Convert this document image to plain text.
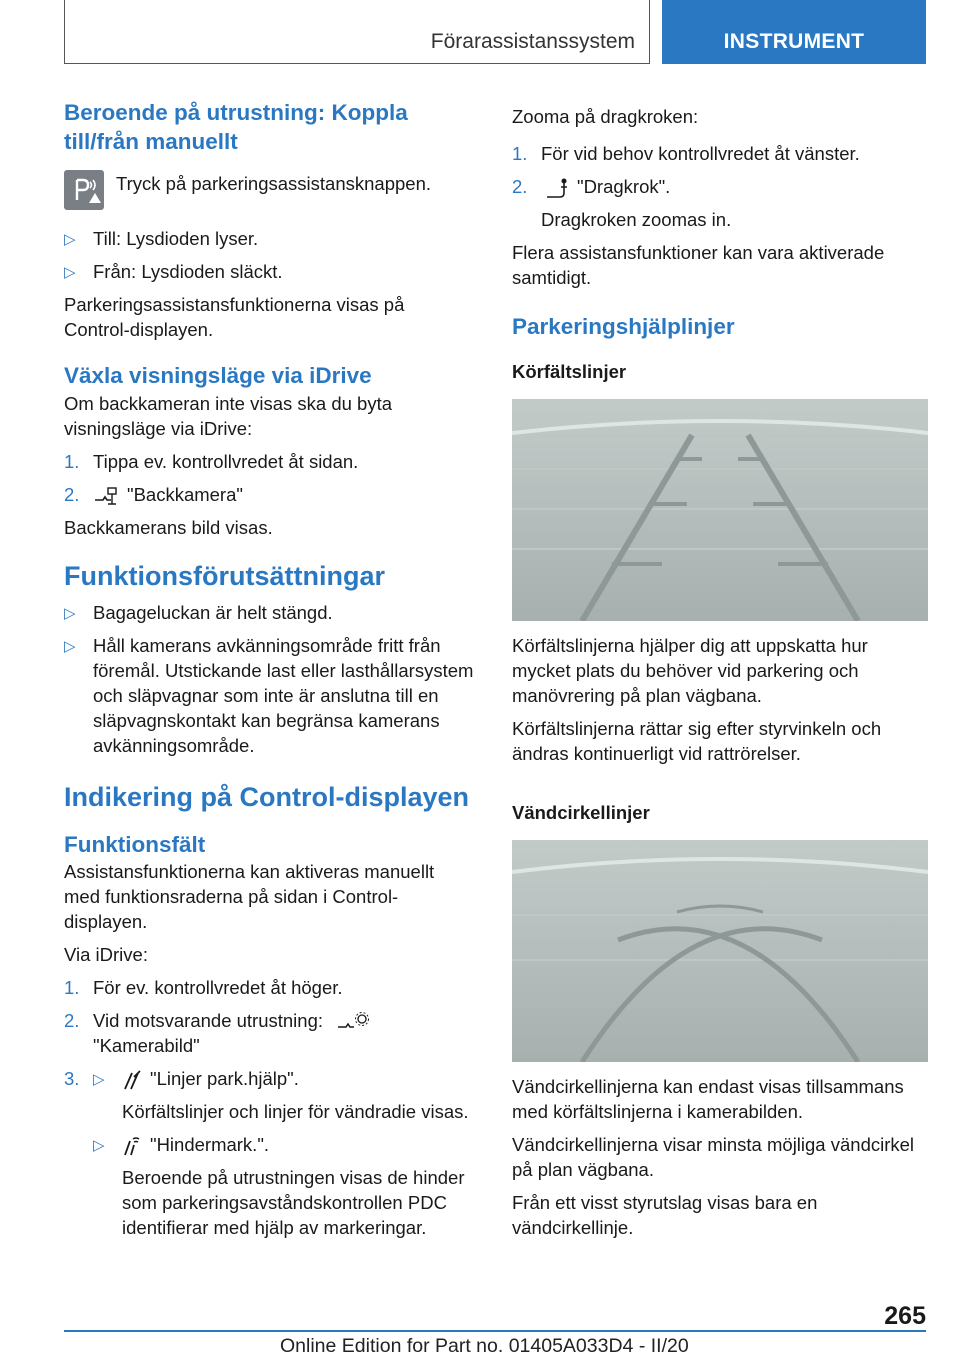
Förarassistanssystem	INSTRUMENT
Beroende på utrustning: Koppla till/från manuellt
Tryck på parkeringsassistansknappen.
▷ Till: Lysdioden lyser.
▷ Från: Lysdioden släckt.
Parkeringsassistansfunktionerna visas på Control-displayen.
Växla visningsläge via iDrive
Om backkameran inte visas ska du byta visningsläge via iDrive:
1. Tippa ev. kontrollvredet åt sidan.
2.	"Backkamera"
Backkamerans bild visas.
Funktionsförutsättningar
▷ Bagageluckan är helt stängd.
▷ Håll kamerans avkänningsområde fritt från föremål. Utstickande last eller lasthållarsystem och släpvagnar som inte är anslutna till en släpvagnskontakt kan begränsa kamerans avkänningsområde.
Indikering på Control-displayen
Funktionsfält
Assistansfunktionerna kan aktiveras manuellt med funktionsraderna på sidan i Control-displayen.
Via iDrive:
1. För ev. kontrollvredet åt höger.
2. Vid motsvarande utrustning:
"Kamerabild"
3. ▷ "Linjer park.hjälp".
Körfältslinjer och linjer för vändradie visas.
▷ "Hindermark.".
Beroende på utrustningen visas de hinder som parkeringsavståndskontrollen PDC identifierar med hjälp av markeringar.
Zooma på dragkroken:
1. För vid behov kontrollvredet åt vänster.
2.	"Dragkrok".
Dragkroken zoomas in.
Flera assistansfunktioner kan vara aktiverade samtidigt.
Parkeringshjälplinjer
Körfältslinjer
Körfältslinjerna hjälper dig att uppskatta hur mycket plats du behöver vid parkering och manövrering på plan vägbana.
Körfältslinjerna rättar sig efter styrvinkeln och ändras kontinuerligt vid rattrörelser.
Vändcirkellinjer
Vändcirkellinjerna kan endast visas tillsammans med körfältslinjerna i kamerabilden.
Vändcirkellinjerna visar minsta möjliga vändcirkel på plan vägbana.
Från ett visst styrutslag visas bara en vändcirkellinje.
265
Online Edition for Part no. 01405A033D4 - II/20
